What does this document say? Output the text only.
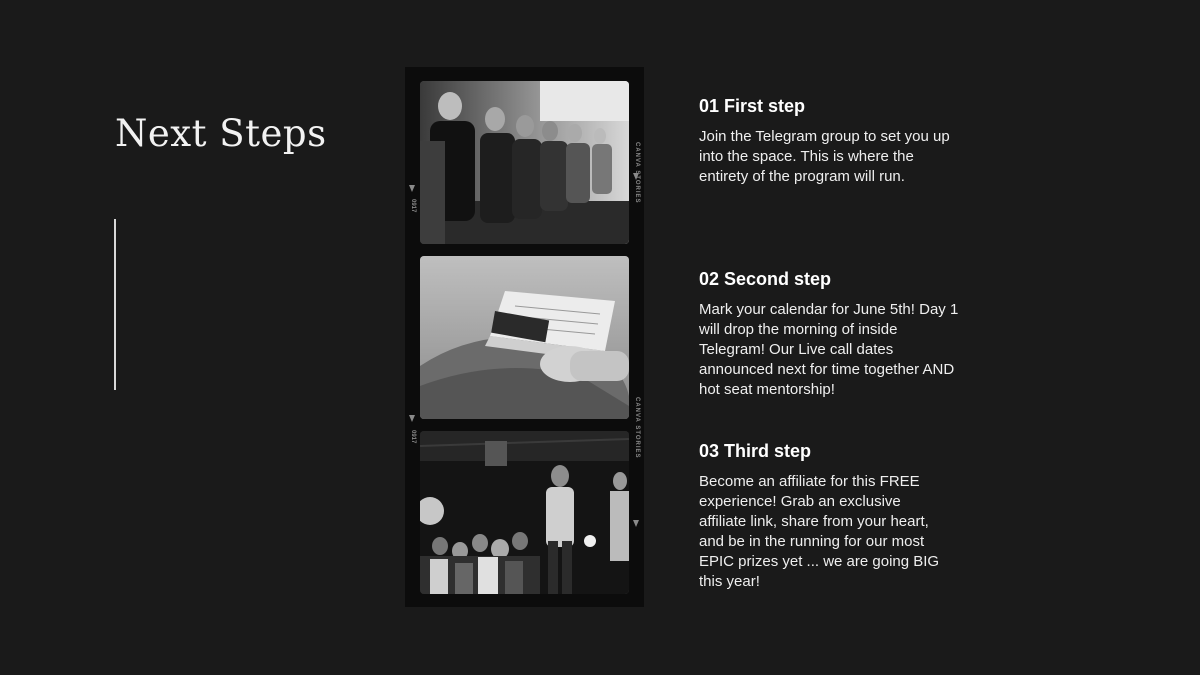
Next Steps
CANVA STORIES
CANVA STORIES
0917
0917
01 First step

Join the Telegram group to set you up into the space. This is where the entirety of the program will run.

02 Second step

Mark your calendar for June 5th! Day 1 will drop the morning of inside Telegram! Our Live call dates announced next for time together AND hot seat mentorship!

03 Third step

Become an affiliate for this FREE experience! Grab an exclusive affiliate link, share from your heart, and be in the running for our most EPIC prizes yet ... we are going BIG this year!
